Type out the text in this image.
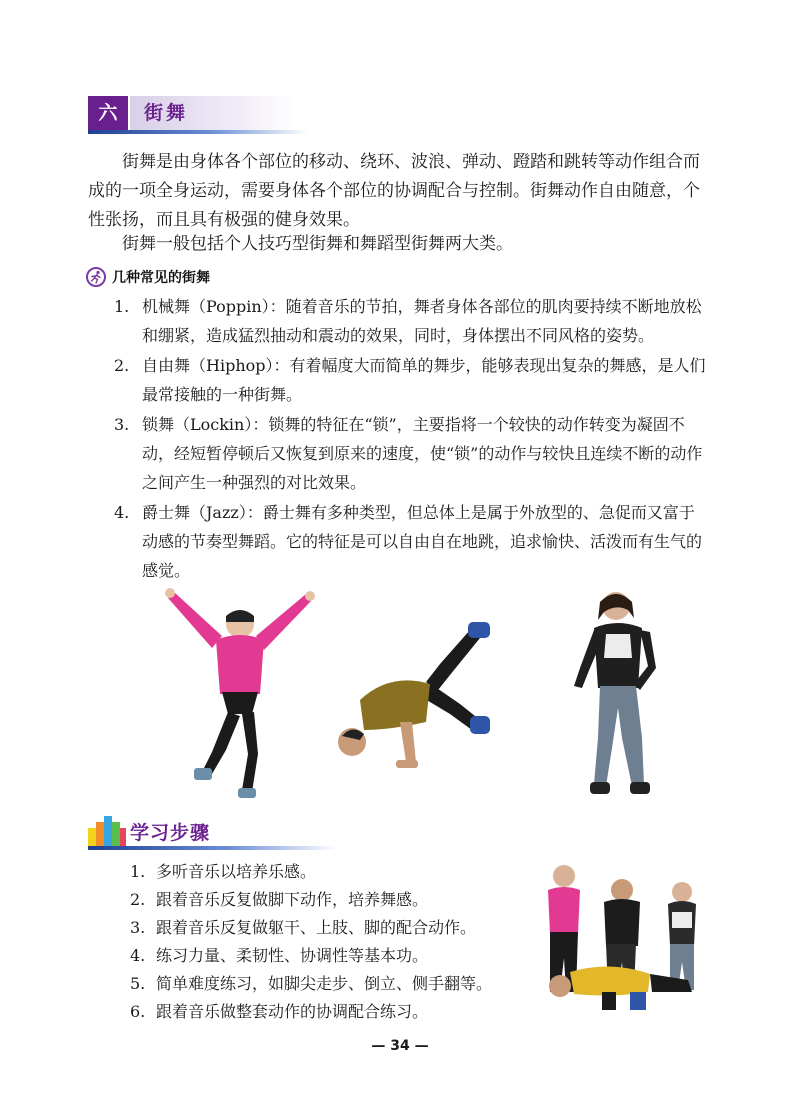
六	街舞

街舞是由身体各个部位的移动、绕环、波浪、弹动、蹬踏和跳转等动作组合而成的一项全身运动，需要身体各个部位的协调配合与控制。街舞动作自由随意，个性张扬，而且具有极强的健身效果。

街舞一般包括个人技巧型街舞和舞蹈型街舞两大类。

几种常见的街舞
1. 机械舞（Poppin）：随着音乐的节拍，舞者身体各部位的肌肉要持续不断地放松和绷紧，造成猛烈抽动和震动的效果，同时，身体摆出不同风格的姿势。
2. 自由舞（Hiphop）：有着幅度大而简单的舞步，能够表现出复杂的舞感，是人们最常接触的一种街舞。
3. 锁舞（Lockin）：锁舞的特征在“锁”，主要指将一个较快的动作转变为凝固不动，经短暂停顿后又恢复到原来的速度，使“锁”的动作与较快且连续不断的动作之间产生一种强烈的对比效果。
4. 爵士舞（Jazz）：爵士舞有多种类型，但总体上是属于外放型的、急促而又富于动感的节奏型舞蹈。它的特征是可以自由自在地跳，追求愉快、活泼而有生气的感觉。
学习步骤
1. 多听音乐以培养乐感。
2. 跟着音乐反复做脚下动作，培养舞感。
3. 跟着音乐反复做躯干、上肢、脚的配合动作。
4. 练习力量、柔韧性、协调性等基本功。
5. 简单难度练习，如脚尖走步、倒立、侧手翻等。
6. 跟着音乐做整套动作的协调配合练习。
— 34 —
